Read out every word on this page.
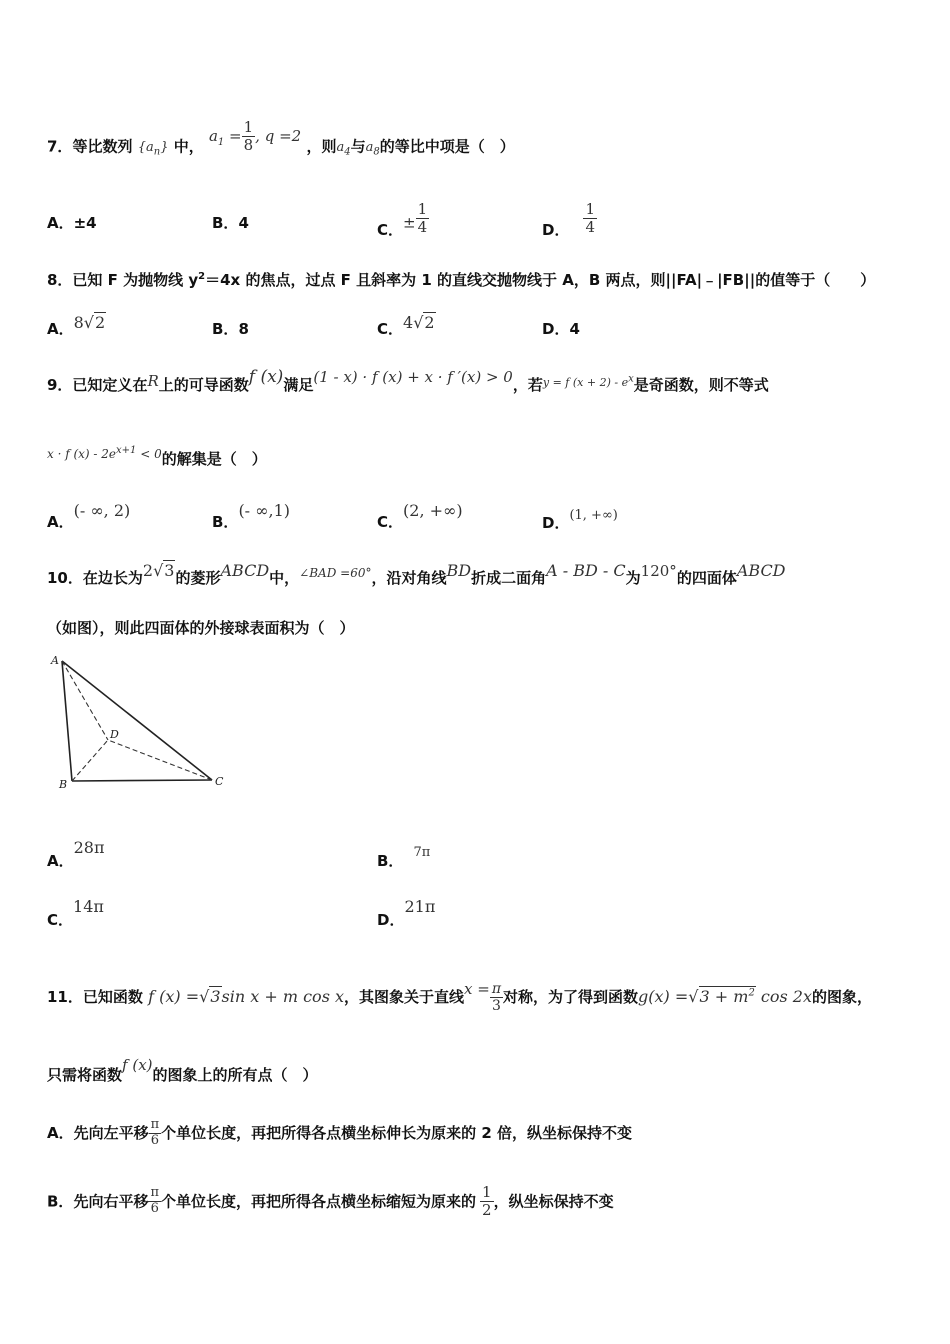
7．等比数列 $\{a_n\}$ 中， $a_1 = \frac{1}{8}$ , q =2 ，则$a_4$与$a_8$的等比中项是（　）
A．±4	B．4	C．± $\frac{1}{4}$	D． $\frac{1}{4}$
8．已知 F 为抛物线 $y^2=4x$ 的焦点，过点 F 且斜率为 1 的直线交抛物线于 A，B 两点，则||FA|﹣|FB||的值等于（　　）
A．8√2	B．8	C．4√2	D．4
9．已知定义在R上的可导函数f (x)满足(1 - x) · f (x) + x · f ′(x) > 0，若$^{y = f (x + 2) - e^x}$是奇函数，则不等式
$^{x \cdot f (x) - 2e^{x+1} < 0}$的解集是（　）
A．(- ∞, 2)
B．(- ∞,1)
C．(2, +∞)
D．(1, +∞)
10．在边长为2√3的菱形ABCD中，$^{\angle BAD =60^\circ}$，沿对角线BD折成二面角A - BD - C为120°的四面体ABCD
（如图），则此四面体的外接球表面积为（　）
A
B	C
D
A．28π
B． 7π
C．14π
D．21π
11．已知函数 f (x) =√3sin x + m cos x，其图象关于直线$x = \frac{\pi}{3}$ 对称，为了得到函数$g(x) =√3 + m^2$ cos 2x的图象，
只需将函数f (x)的图象上的所有点（　）
A．先向左平移 $\frac{\pi}{6}$ 个单位长度，再把所得各点横坐标伸长为原来的 2 倍，纵坐标保持不变
B．先向右平移 $\frac{\pi}{6}$ 个单位长度，再把所得各点横坐标缩短为原来的 $\frac{1}{2}$ ，纵坐标保持不变
